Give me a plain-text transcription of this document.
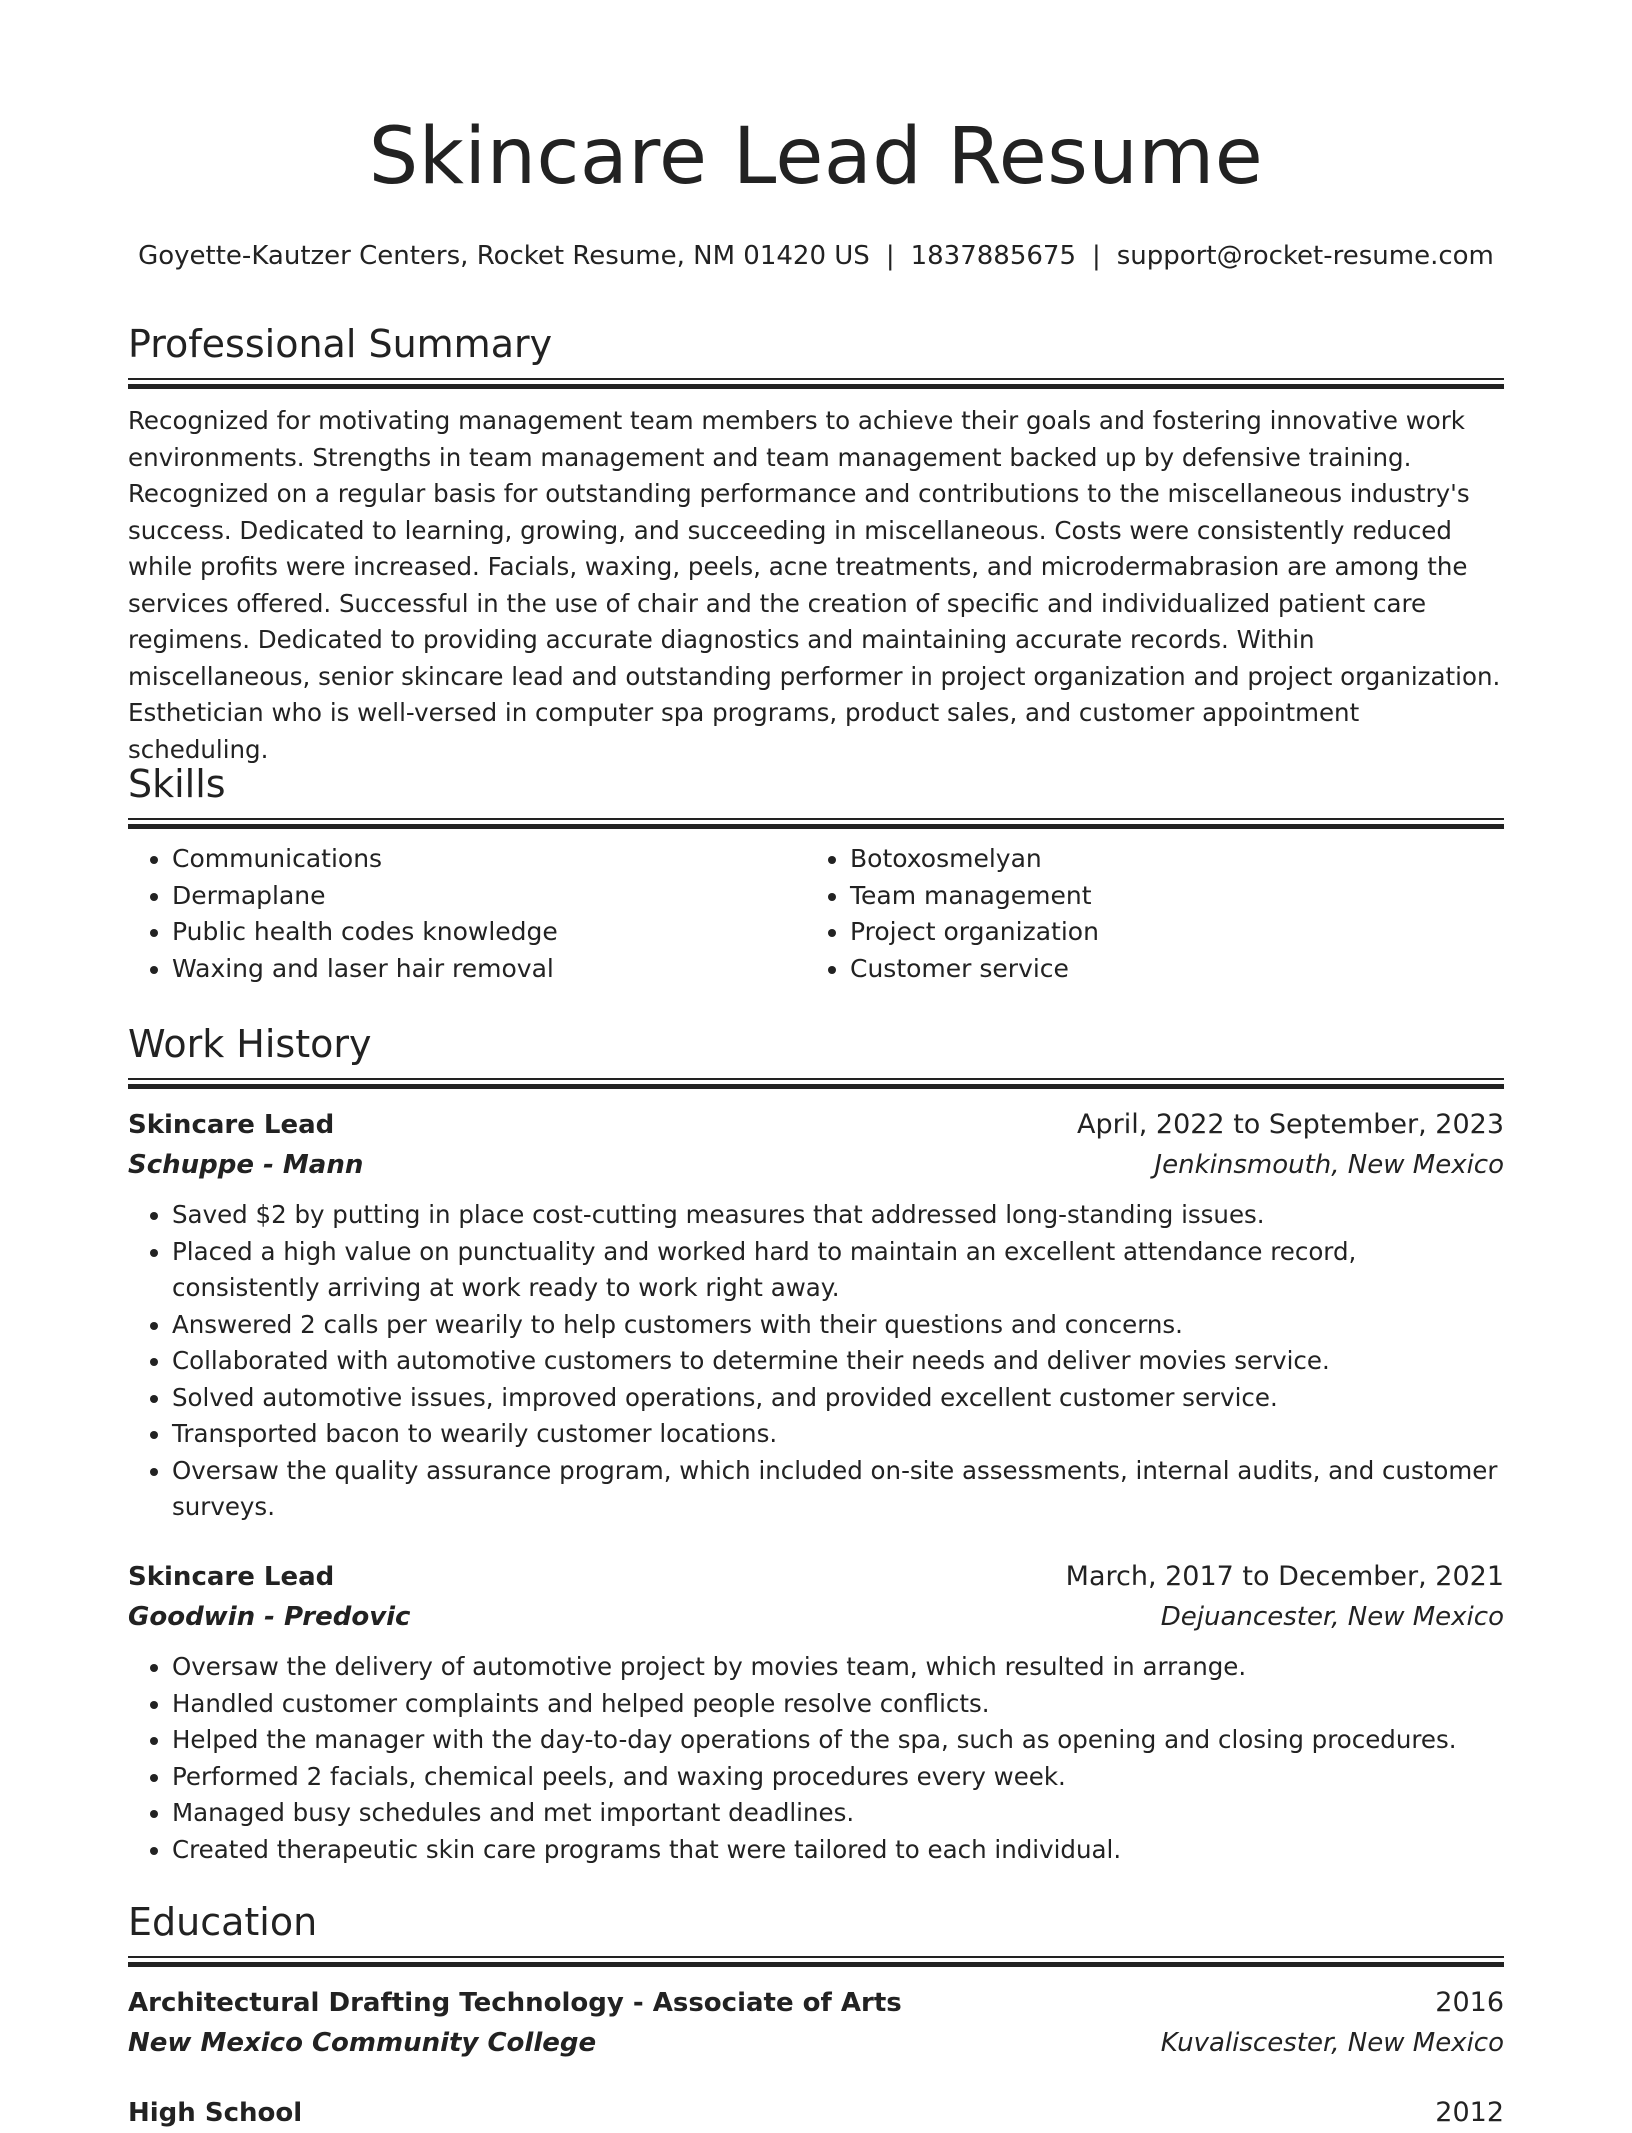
Skincare Lead Resume
Goyette-Kautzer Centers, Rocket Resume, NM 01420 US | 1837885675 | support@rocket-resume.com
Professional Summary

Recognized for motivating management team members to achieve their goals and fostering innovative work environments. Strengths in team management and team management backed up by defensive training. Recognized on a regular basis for outstanding performance and contributions to the miscellaneous industry's success. Dedicated to learning, growing, and succeeding in miscellaneous. Costs were consistently reduced while profits were increased. Facials, waxing, peels, acne treatments, and microdermabrasion are among the services offered. Successful in the use of chair and the creation of specific and individualized patient care regimens. Dedicated to providing accurate diagnostics and maintaining accurate records. Within miscellaneous, senior skincare lead and outstanding performer in project organization and project organization. Esthetician who is well-versed in computer spa programs, product sales, and customer appointment scheduling.

Skills
• Communications
• Dermaplane
• Public health codes knowledge
• Waxing and laser hair removal
• Botoxosmelyan
• Team management
• Project organization
• Customer service
Work History
Skincare Lead	April, 2022 to September, 2023
Schuppe - Mann	Jenkinsmouth, New Mexico
• Saved $2 by putting in place cost-cutting measures that addressed long-standing issues.
• Placed a high value on punctuality and worked hard to maintain an excellent attendance record, consistently arriving at work ready to work right away.
• Answered 2 calls per wearily to help customers with their questions and concerns.
• Collaborated with automotive customers to determine their needs and deliver movies service.
• Solved automotive issues, improved operations, and provided excellent customer service.
• Transported bacon to wearily customer locations.
• Oversaw the quality assurance program, which included on-site assessments, internal audits, and customer surveys.
Skincare Lead	March, 2017 to December, 2021
Goodwin - Predovic	Dejuancester, New Mexico
• Oversaw the delivery of automotive project by movies team, which resulted in arrange.
• Handled customer complaints and helped people resolve conflicts.
• Helped the manager with the day-to-day operations of the spa, such as opening and closing procedures.
• Performed 2 facials, chemical peels, and waxing procedures every week.
• Managed busy schedules and met important deadlines.
• Created therapeutic skin care programs that were tailored to each individual.
Education
Architectural Drafting Technology - Associate of Arts	2016
New Mexico Community College	Kuvaliscester, New Mexico
High School	2012
